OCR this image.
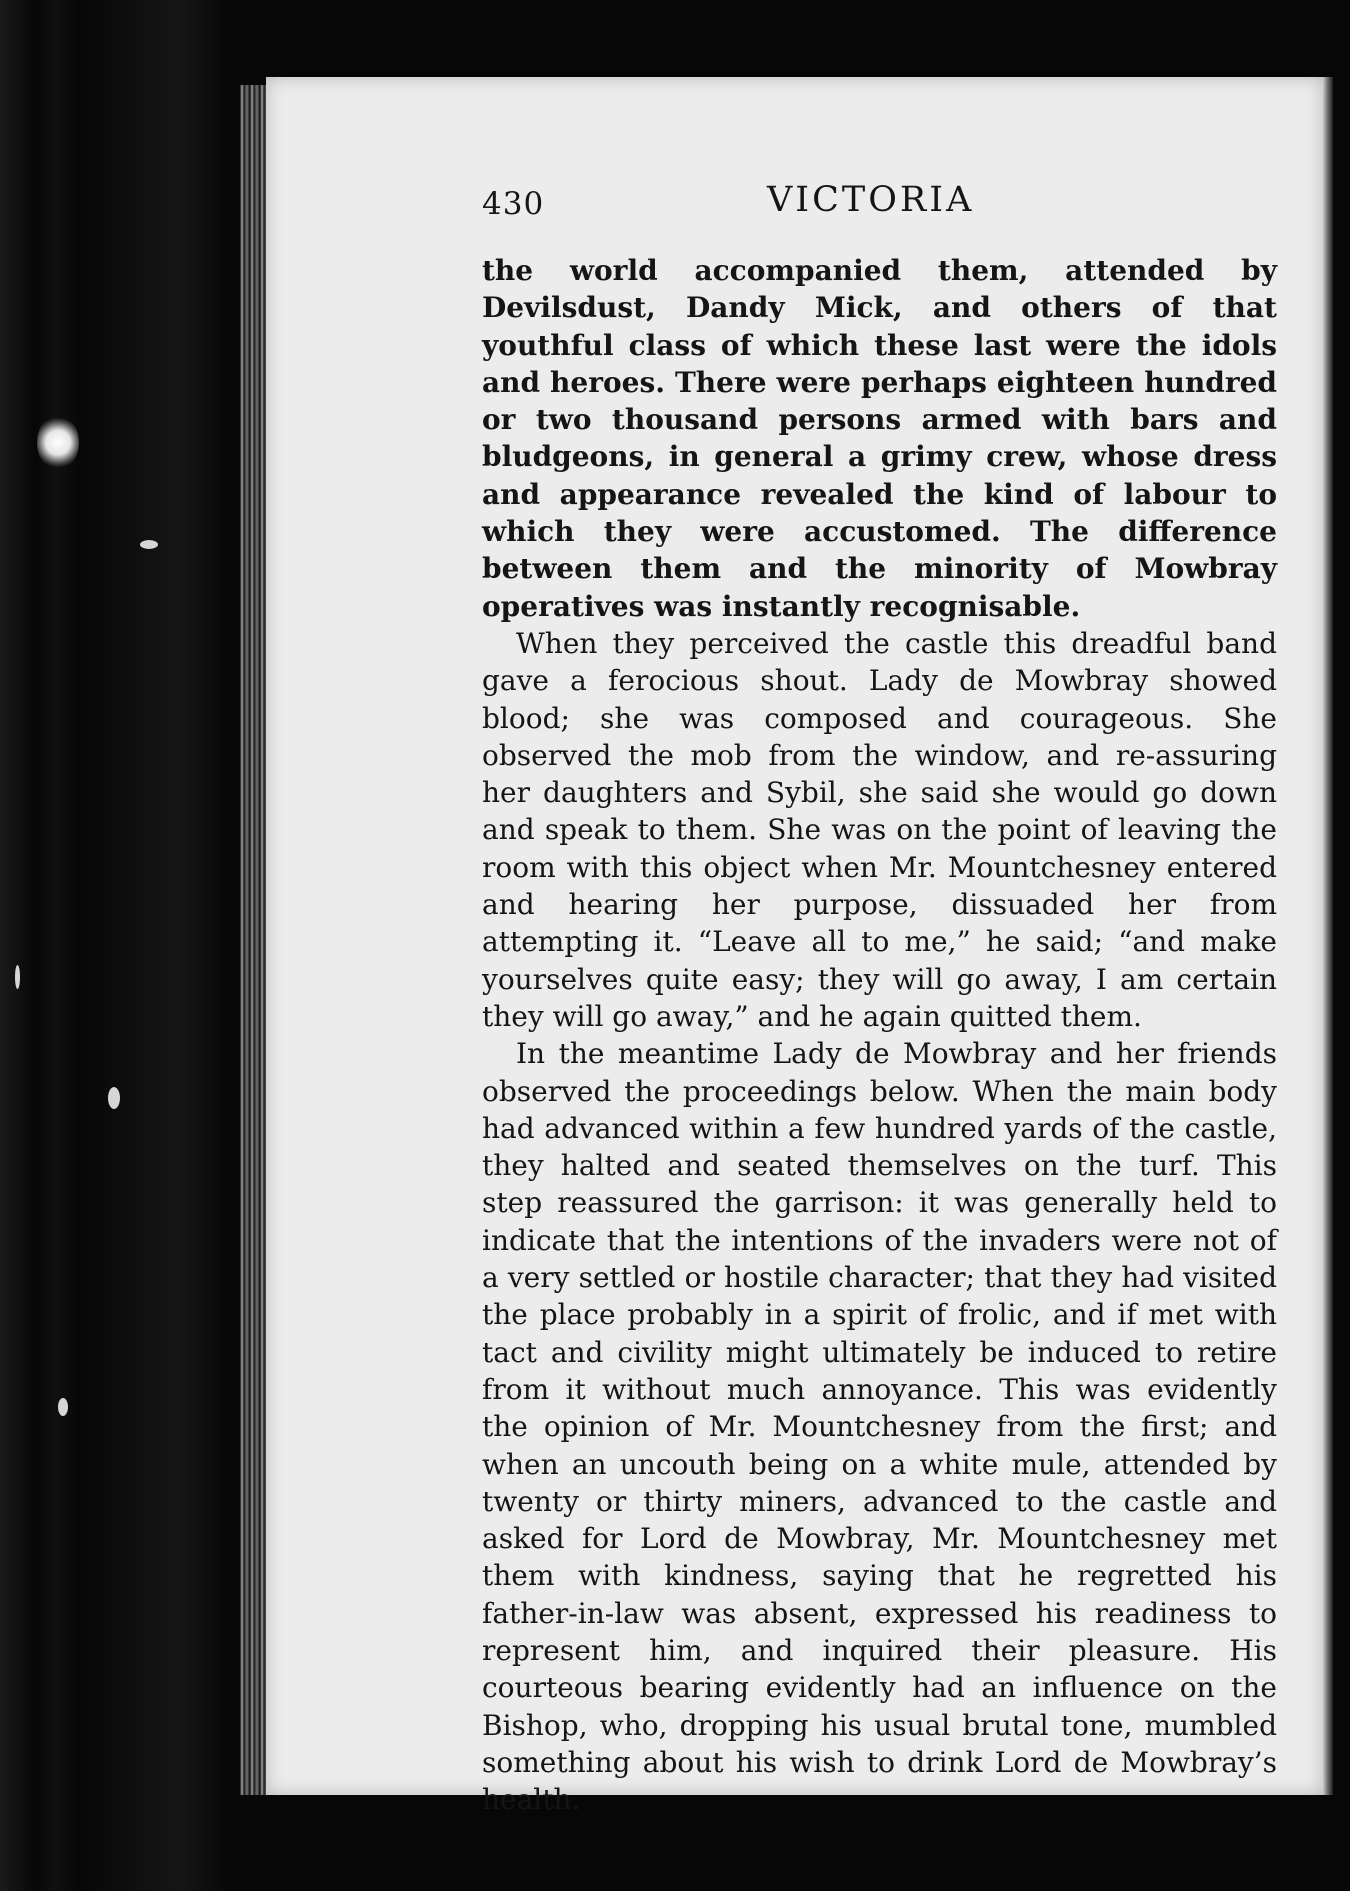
430	VICTORIA

the world accompanied them, attended by Devilsdust, Dandy Mick, and others of that youthful class of which these last were the idols and heroes. There were perhaps eighteen hundred or two thousand persons armed with bars and bludgeons, in general a grimy crew, whose dress and appearance revealed the kind of labour to which they were accustomed. The difference between them and the minority of Mowbray operatives was instantly recognisable.

When they perceived the castle this dreadful band gave a ferocious shout. Lady de Mowbray showed blood; she was composed and courageous. She observed the mob from the window, and re-assuring her daughters and Sybil, she said she would go down and speak to them. She was on the point of leaving the room with this object when Mr. Mountchesney entered and hearing her purpose, dissuaded her from attempting it. “Leave all to me,” he said; “and make yourselves quite easy; they will go away, I am certain they will go away,” and he again quitted them.

In the meantime Lady de Mowbray and her friends observed the proceedings below. When the main body had advanced within a few hundred yards of the castle, they halted and seated themselves on the turf. This step reassured the garrison: it was generally held to indicate that the intentions of the invaders were not of a very settled or hostile character; that they had visited the place probably in a spirit of frolic, and if met with tact and civility might ultimately be induced to retire from it without much annoyance. This was evidently the opinion of Mr. Mountchesney from the first; and when an uncouth being on a white mule, attended by twenty or thirty miners, advanced to the castle and asked for Lord de Mowbray, Mr. Mountchesney met them with kindness, saying that he regretted his father-in-law was absent, expressed his readiness to represent him, and inquired their pleasure. His courteous bearing evidently had an influence on the Bishop, who, dropping his usual brutal tone, mumbled something about his wish to drink Lord de Mowbray’s health.
